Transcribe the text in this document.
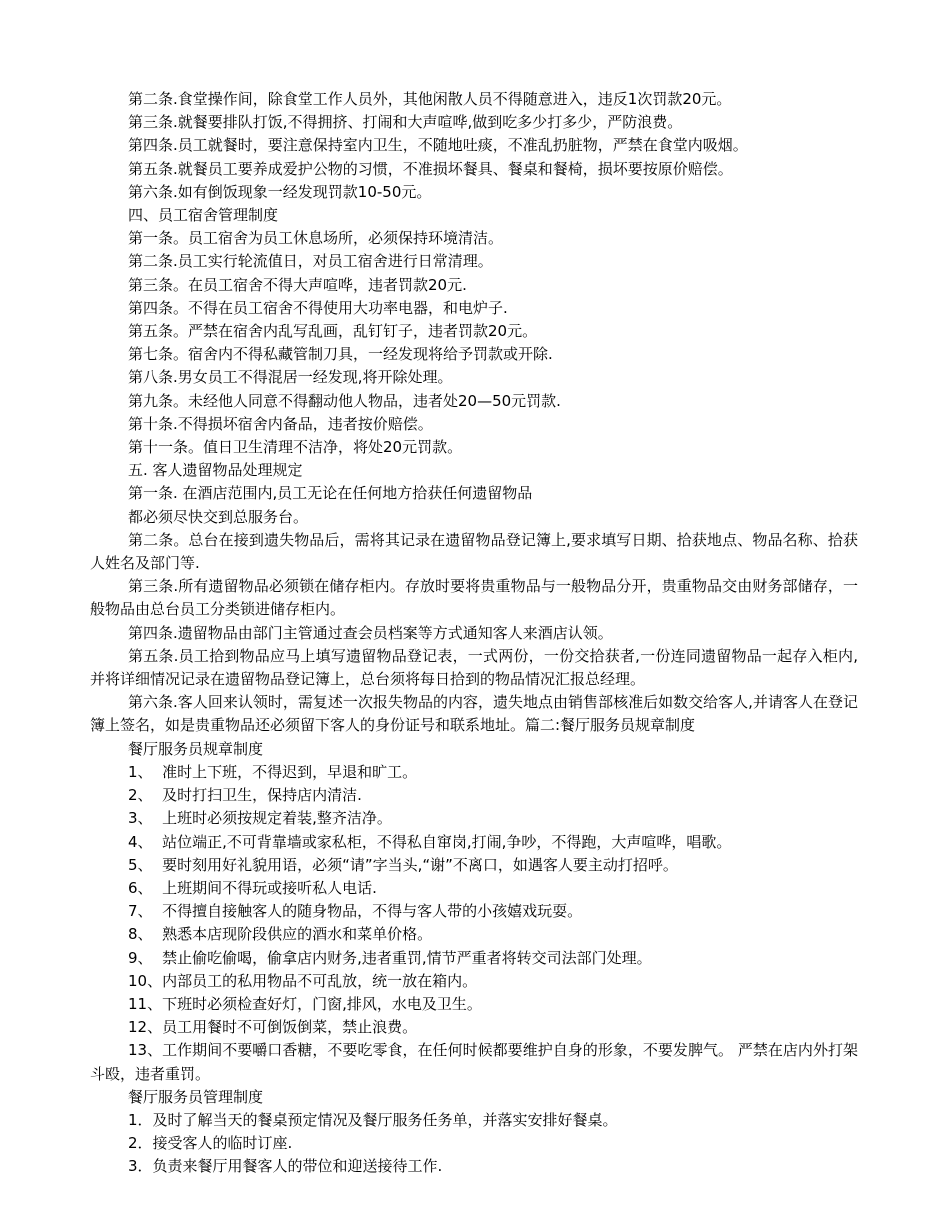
第二条.食堂操作间，除食堂工作人员外，其他闲散人员不得随意进入，违反1次罚款20元。
第三条.就餐要排队打饭,不得拥挤、打闹和大声喧哗,做到吃多少打多少，严防浪费。
第四条.员工就餐时，要注意保持室内卫生，不随地吐痰，不准乱扔脏物，严禁在食堂内吸烟。
第五条.就餐员工要养成爱护公物的习惯，不准损坏餐具、餐桌和餐椅，损坏要按原价赔偿。
第六条.如有倒饭现象一经发现罚款10-50元。
四、员工宿舍管理制度
第一条。员工宿舍为员工休息场所，必须保持环境清洁。
第二条.员工实行轮流值日，对员工宿舍进行日常清理。
第三条。在员工宿舍不得大声喧哗，违者罚款20元.
第四条。不得在员工宿舍不得使用大功率电器，和电炉子.
第五条。严禁在宿舍内乱写乱画，乱钉钉子，违者罚款20元。
第七条。宿舍内不得私藏管制刀具，一经发现将给予罚款或开除.
第八条.男女员工不得混居一经发现,将开除处理。
第九条。未经他人同意不得翻动他人物品，违者处20—50元罚款.
第十条.不得损坏宿舍内备品，违者按价赔偿。
第十一条。值日卫生清理不洁净，将处20元罚款。
五. 客人遗留物品处理规定
第一条. 在酒店范围内,员工无论在任何地方拾获任何遗留物品
都必须尽快交到总服务台。
第二条。总台在接到遗失物品后，需将其记录在遗留物品登记簿上,要求填写日期、拾获地点、物品名称、拾获人姓名及部门等.
第三条.所有遗留物品必须锁在储存柜内。存放时要将贵重物品与一般物品分开，贵重物品交由财务部储存，一般物品由总台员工分类锁进储存柜内。
第四条.遗留物品由部门主管通过查会员档案等方式通知客人来酒店认领。
第五条.员工拾到物品应马上填写遗留物品登记表，一式两份，一份交拾获者,一份连同遗留物品一起存入柜内,并将详细情况记录在遗留物品登记簿上，总台须将每日拾到的物品情况汇报总经理。
第六条.客人回来认领时，需复述一次报失物品的内容，遗失地点由销售部核准后如数交给客人,并请客人在登记簿上签名，如是贵重物品还必须留下客人的身份证号和联系地址。篇二:餐厅服务员规章制度
餐厅服务员规章制度
1、  准时上下班，不得迟到，早退和旷工。
2、  及时打扫卫生，保持店内清洁.
3、  上班时必须按规定着装,整齐洁净。
4、  站位端正,不可背靠墙或家私柜，不得私自窜岗,打闹,争吵，不得跑，大声喧哗，唱歌。
5、  要时刻用好礼貌用语，必须“请”字当头,“谢”不离口，如遇客人要主动打招呼。
6、  上班期间不得玩或接听私人电话.
7、  不得擅自接触客人的随身物品，不得与客人带的小孩嬉戏玩耍。
8、  熟悉本店现阶段供应的酒水和菜单价格。
9、  禁止偷吃偷喝，偷拿店内财务,违者重罚,情节严重者将转交司法部门处理。
10、内部员工的私用物品不可乱放，统一放在箱内。
11、下班时必须检查好灯，门窗,排风，水电及卫生。
12、员工用餐时不可倒饭倒菜，禁止浪费。
13、工作期间不要嚼口香糖，不要吃零食，在任何时候都要维护自身的形象，不要发脾气。 严禁在店内外打架斗殴，违者重罚。
餐厅服务员管理制度
1．及时了解当天的餐桌预定情况及餐厅服务任务单，并落实安排好餐桌。
2．接受客人的临时订座.
3．负责来餐厅用餐客人的带位和迎送接待工作.
